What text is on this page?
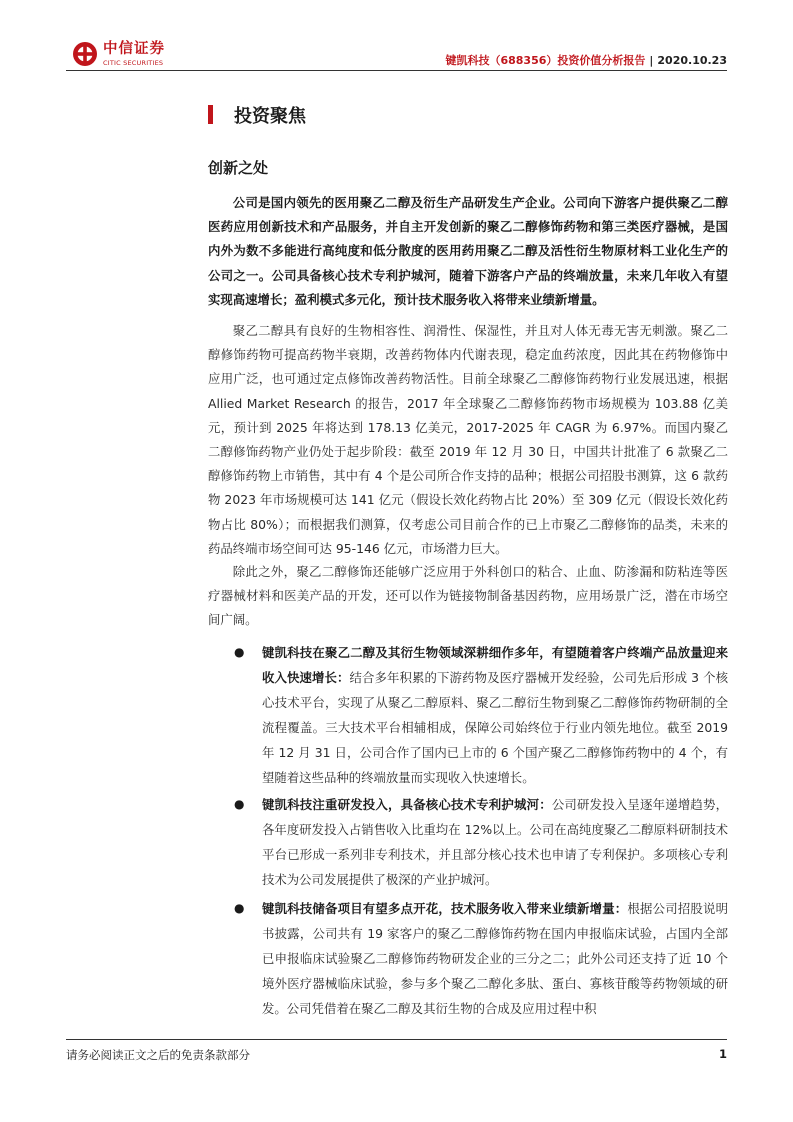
中信证券
CITIC SECURITIES	键凯科技（688356）投资价值分析报告 | 2020.10.23
投资聚焦
创新之处

公司是国内领先的医用聚乙二醇及衍生产品研发生产企业。公司向下游客户提供聚乙二醇医药应用创新技术和产品服务，并自主开发创新的聚乙二醇修饰药物和第三类医疗器械，是国内外为数不多能进行高纯度和低分散度的医用药用聚乙二醇及活性衍生物原材料工业化生产的公司之一。公司具备核心技术专利护城河，随着下游客户产品的终端放量，未来几年收入有望实现高速增长；盈利模式多元化，预计技术服务收入将带来业绩新增量。

聚乙二醇具有良好的生物相容性、润滑性、保湿性，并且对人体无毒无害无刺激。聚乙二醇修饰药物可提高药物半衰期，改善药物体内代谢表现，稳定血药浓度，因此其在药物修饰中应用广泛，也可通过定点修饰改善药物活性。目前全球聚乙二醇修饰药物行业发展迅速，根据 Allied Market Research 的报告，2017 年全球聚乙二醇修饰药物市场规模为 103.88 亿美元，预计到 2025 年将达到 178.13 亿美元，2017-2025 年 CAGR 为 6.97%。而国内聚乙二醇修饰药物产业仍处于起步阶段：截至 2019 年 12 月 30 日，中国共计批准了 6 款聚乙二醇修饰药物上市销售，其中有 4 个是公司所合作支持的品种；根据公司招股书测算，这 6 款药物 2023 年市场规模可达 141 亿元（假设长效化药物占比 20%）至 309 亿元（假设长效化药物占比 80%）；而根据我们测算，仅考虑公司目前合作的已上市聚乙二醇修饰的品类，未来的药品终端市场空间可达 95-146 亿元，市场潜力巨大。

除此之外，聚乙二醇修饰还能够广泛应用于外科创口的粘合、止血、防渗漏和防粘连等医疗器械材料和医美产品的开发，还可以作为链接物制备基因药物，应用场景广泛，潜在市场空间广阔。

●	键凯科技在聚乙二醇及其衍生物领域深耕细作多年，有望随着客户终端产品放量迎来收入快速增长：结合多年积累的下游药物及医疗器械开发经验，公司先后形成 3 个核心技术平台，实现了从聚乙二醇原料、聚乙二醇衍生物到聚乙二醇修饰药物研制的全流程覆盖。三大技术平台相辅相成，保障公司始终位于行业内领先地位。截至 2019 年 12 月 31 日，公司合作了国内已上市的 6 个国产聚乙二醇修饰药物中的 4 个，有望随着这些品种的终端放量而实现收入快速增长。

●	键凯科技注重研发投入，具备核心技术专利护城河：公司研发投入呈逐年递增趋势，各年度研发投入占销售收入比重均在 12%以上。公司在高纯度聚乙二醇原料研制技术平台已形成一系列非专利技术，并且部分核心技术也申请了专利保护。多项核心专利技术为公司发展提供了极深的产业护城河。

●	键凯科技储备项目有望多点开花，技术服务收入带来业绩新增量：根据公司招股说明书披露，公司共有 19 家客户的聚乙二醇修饰药物在国内申报临床试验，占国内全部已申报临床试验聚乙二醇修饰药物研发企业的三分之二；此外公司还支持了近 10 个境外医疗器械临床试验，参与多个聚乙二醇化多肽、蛋白、寡核苷酸等药物领域的研发。公司凭借着在聚乙二醇及其衍生物的合成及应用过程中积

请务必阅读正文之后的免责条款部分	1
